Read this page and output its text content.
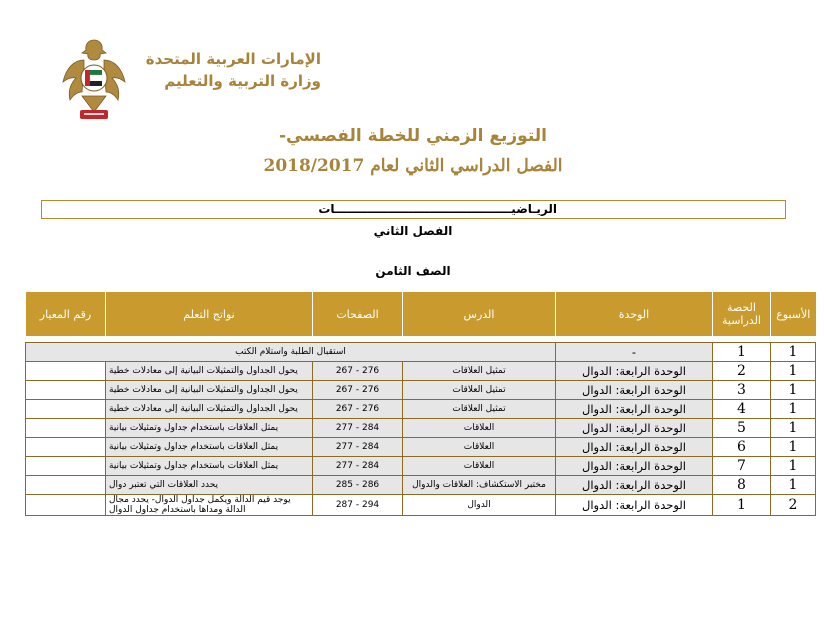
الإمارات العربية المتحدة
وزارة التربية والتعليم
التوزيع الزمني للخطة الفصسي-
الفصل الدراسي الثاني لعام 2018/2017
الريـاضيـــــــــــــــــــــــــــــــــــــــــــات
الفصل الثاني
الصف الثامن
الأسبوع	الحصة الدراسية	الوحدة	الدرس	الصفحات	نواتج التعلم	رقم المعيار

1	1	-	استقبال الطلبة واستلام الكتب			
1	2	الوحدة الرابعة: الدوال	تمثيل العلاقات	267 - 276	يحول الجداول والتمثيلات البيانية إلى معادلات خطية	
1	3	الوحدة الرابعة: الدوال	تمثيل العلاقات	267 - 276	يحول الجداول والتمثيلات البيانية إلى معادلات خطية	
1	4	الوحدة الرابعة: الدوال	تمثيل العلاقات	267 - 276	يحول الجداول والتمثيلات البيانية إلى معادلات خطية	
1	5	الوحدة الرابعة: الدوال	العلاقات	277 - 284	يمثل العلاقات باستخدام جداول وتمثيلات بيانية	
1	6	الوحدة الرابعة: الدوال	العلاقات	277 - 284	يمثل العلاقات باستخدام جداول وتمثيلات بيانية	
1	7	الوحدة الرابعة: الدوال	العلاقات	277 - 284	يمثل العلاقات باستخدام جداول وتمثيلات بيانية	
1	8	الوحدة الرابعة: الدوال	مختبر الاستكشاف: العلاقات والدوال	285 - 286	يحدد العلاقات التي تعتبر دوال	
2	1	الوحدة الرابعة: الدوال	الدوال	287 - 294	يوجد قيم الدالة ويكمل جداول الدوال- يحدد مجال الدالة ومداها باستخدام جداول الدوال	
